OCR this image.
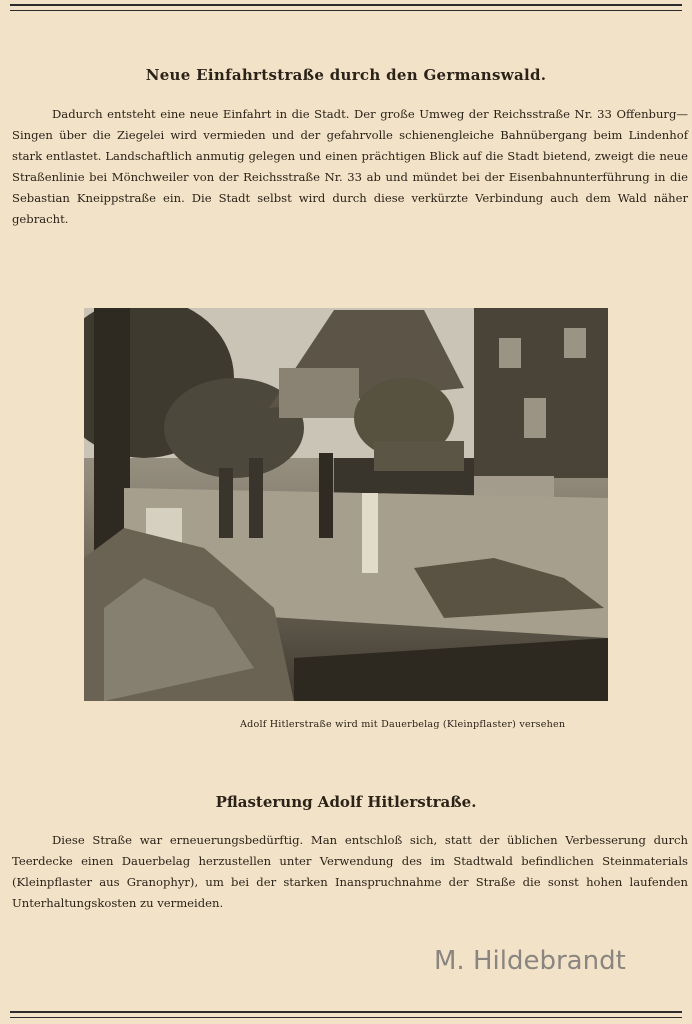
Neue Einfahrtstraße durch den Germanswald.
Dadurch entsteht eine neue Einfahrt in die Stadt. Der große Umweg der Reichsstraße Nr. 33 Offenburg—Singen über die Ziegelei wird vermieden und der gefahrvolle schienengleiche Bahnübergang beim Lindenhof stark entlastet. Landschaftlich anmutig gelegen und einen prächtigen Blick auf die Stadt bietend, zweigt die neue Straßenlinie bei Mönchweiler von der Reichsstraße Nr. 33 ab und mündet bei der Eisenbahnunterführung in die Sebastian Kneippstraße ein. Die Stadt selbst wird durch diese verkürzte Verbindung auch dem Wald näher gebracht.
Adolf Hitlerstraße wird mit Dauerbelag (Kleinpflaster) versehen
Pflasterung Adolf Hitlerstraße.
Diese Straße war erneuerungsbedürftig. Man entschloß sich, statt der üblichen Verbesserung durch Teerdecke einen Dauerbelag herzustellen unter Verwendung des im Stadtwald befindlichen Steinmaterials (Kleinpflaster aus Granophyr), um bei der starken Inanspruchnahme der Straße die sonst hohen laufenden Unterhaltungskosten zu vermeiden.
M. Hildebrandt
